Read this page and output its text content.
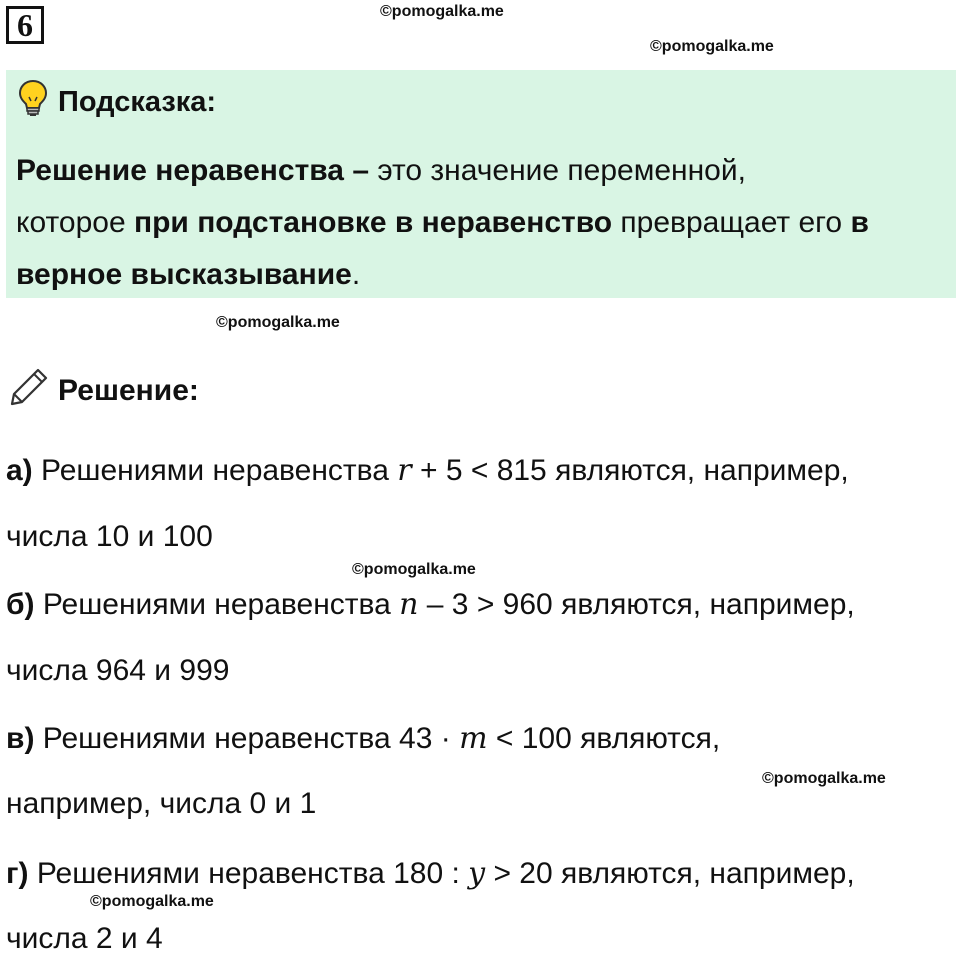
6	©pomogalka.me
©pomogalka.me
Подсказка:
Решение неравенства – это значение переменной,
которое при подстановке в неравенство превращает его в
верное высказывание.
©pomogalka.me
Решение:
а) Решениями неравенства r + 5 < 815 являются, например,
числа 10 и 100
©pomogalka.me
б) Решениями неравенства n – 3 > 960 являются, например,
числа 964 и 999
в) Решениями неравенства 43 · m < 100 являются,
©pomogalka.me
например, числа 0 и 1
г) Решениями неравенства 180 : y > 20 являются, например,
©pomogalka.me
числа 2 и 4
